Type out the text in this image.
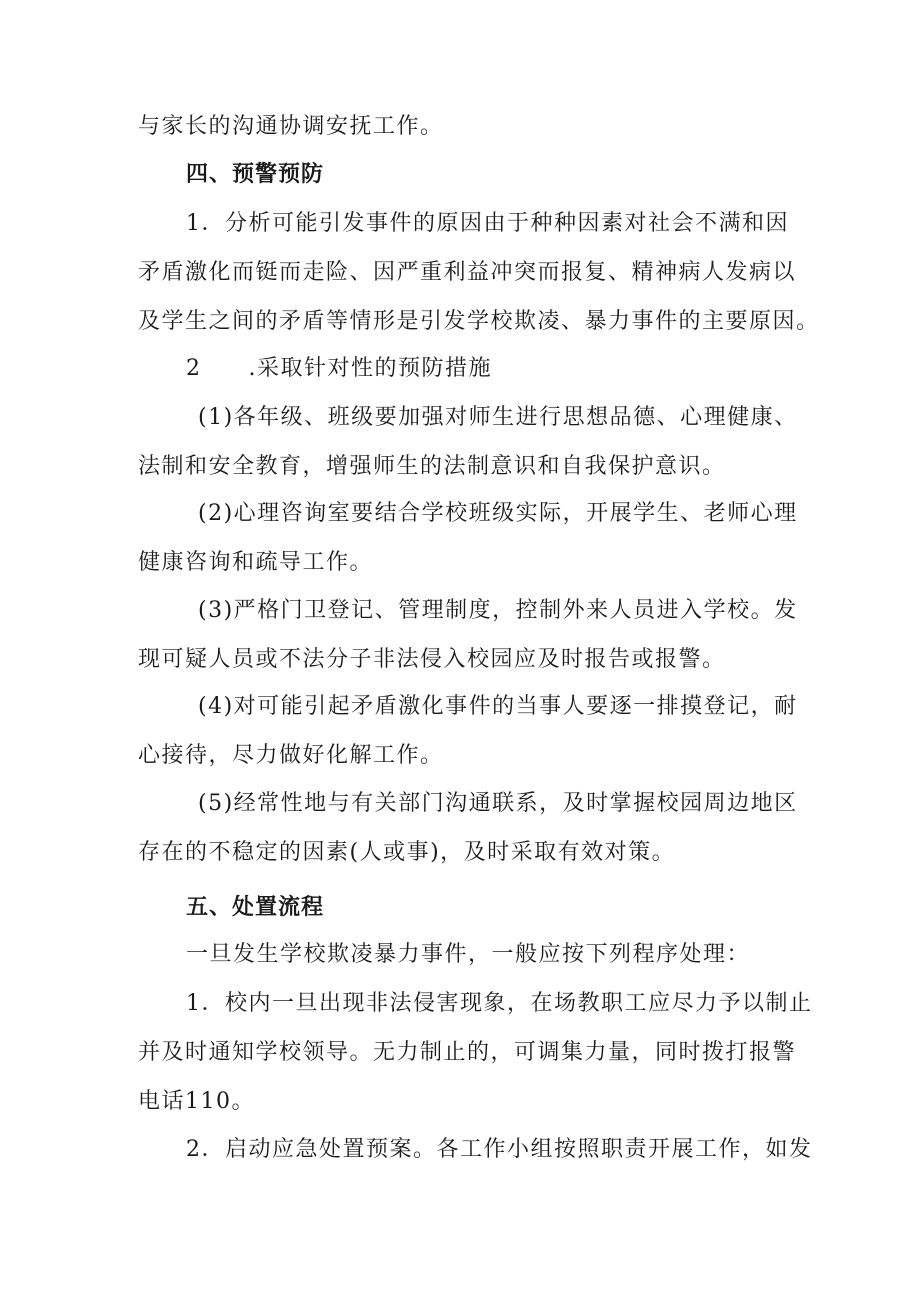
与家长的沟通协调安抚工作。
四、预警预防
1．分析可能引发事件的原因由于种种因素对社会不满和因
矛盾激化而铤而走险、因严重利益冲突而报复、精神病人发病以
及学生之间的矛盾等情形是引发学校欺凌、暴力事件的主要原因。
2　　.采取针对性的预防措施
(1)各年级、班级要加强对师生进行思想品德、心理健康、
法制和安全教育，增强师生的法制意识和自我保护意识。
(2)心理咨询室要结合学校班级实际，开展学生、老师心理
健康咨询和疏导工作。
(3)严格门卫登记、管理制度，控制外来人员进入学校。发
现可疑人员或不法分子非法侵入校园应及时报告或报警。
(4)对可能引起矛盾激化事件的当事人要逐一排摸登记，耐
心接待，尽力做好化解工作。
(5)经常性地与有关部门沟通联系，及时掌握校园周边地区
存在的不稳定的因素(人或事)，及时采取有效对策。
五、处置流程
一旦发生学校欺凌暴力事件，一般应按下列程序处理：
1．校内一旦出现非法侵害现象，在场教职工应尽力予以制止
并及时通知学校领导。无力制止的，可调集力量，同时拨打报警
电话110。
2．启动应急处置预案。各工作小组按照职责开展工作，如发
